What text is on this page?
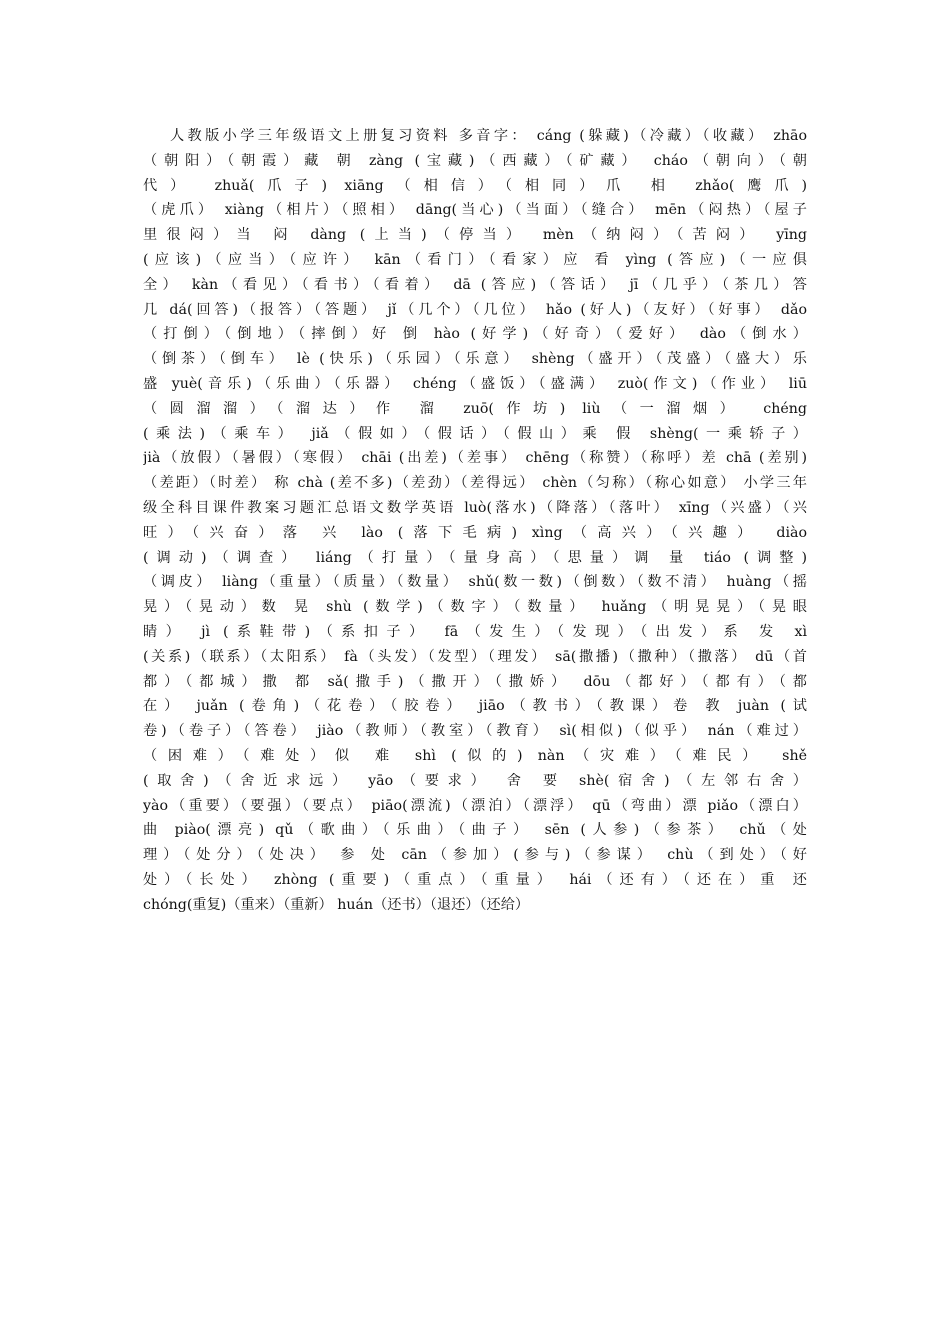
人教版小学三年级语文上册复习资料 多音字： cáng (躲藏)（冷藏）（收藏） zhāo
（朝阳）（朝霞）藏 朝 zàng (宝藏)（西藏）（矿藏） cháo（朝向）（朝
代） zhuǎ(爪子) xiāng（相信）（相同）爪 相 zhǎo(鹰爪)
（虎爪） xiàng（相片）（照相） dāng(当心)（当面）（缝合） mēn（闷热）（屋子
里很闷）当 闷 dàng (上当)（停当） mèn（纳闷）（苦闷） yīng
(应该)（应当）（应许） kān（看门）（看家）应 看 yìng (答应)（一应俱
全） kàn（看见）（看书）（看着） dā (答应)（答话） jī（几乎）（茶几）答
几 dá(回答)（报答）（答题） jǐ（几个）（几位） hǎo (好人)（友好）（好事） dǎo
（打倒）（倒地）（摔倒）好 倒 hào (好学)（好奇）（爱好） dào（倒水）
（倒茶）（倒车） lè (快乐)（乐园）（乐意） shèng（盛开）（茂盛）（盛大）乐
盛 yuè(音乐)（乐曲）（乐器） chéng（盛饭）（盛满） zuò(作文)（作业） liū
（圆溜溜）（溜达）作 溜 zuō(作坊) liù（一溜烟） chéng
(乘法)（乘车） jiǎ（假如）（假话）（假山）乘 假 shèng(一乘轿子）
jià（放假）（暑假）（寒假） chāi (出差)（差事） chēng（称赞）（称呼）差 chā (差别)
（差距）（时差） 称 chà (差不多)（差劲）（差得远） chèn（匀称）（称心如意） 小学三年
级全科目课件教案习题汇总语文数学英语 luò(落水)（降落）（落叶） xīng（兴盛）（兴
旺）（兴奋）落 兴 lào (落下毛病) xìng（高兴）（兴趣） diào
(调动)（调查） liáng（打量）（量身高）（思量）调 量 tiáo (调整)
（调皮） liàng（重量）（质量）（数量） shǔ(数一数)（倒数）（数不清） huàng（摇
晃）（晃动）数 晃 shù (数学)（数字）（数量） huǎng（明晃晃）（晃眼
睛） jì (系鞋带)（系扣子） fā（发生）（发现）（出发）系 发 xì
(关系)（联系）（太阳系） fà（头发）（发型）（理发） sā(撒播)（撒种）（撒落） dū（首
都）（都城）撒 都 sǎ(撒手)（撒开）（撒娇） dōu（都好）（都有）（都
在） juǎn (卷角)（花卷）（胶卷） jiāo（教书）（教课）卷 教 juàn (试
卷)（卷子）（答卷） jiào（教师）（教室）（教育） sì(相似)（似乎） nán（难过）
（困难）（难处）似 难 shì (似的) nàn（灾难）（难民） shě
(取舍)（舍近求远） yāo（要求） 舍 要 shè(宿舍)（左邻右舍）
yào（重要）（要强）（要点） piāo(漂流)（漂泊）（漂浮） qū（弯曲）漂 piǎo（漂白）
曲 piào(漂亮) qǔ（歌曲）（乐曲）（曲子） sēn (人参)（参茶） chǔ（处
理）（处分）（处决） 参 处 cān（参加）(参与)（参谋） chù（到处）（好
处）（长处） zhòng (重要)（重点）（重量） hái（还有）（还在）重 还
chóng(重复)（重来）（重新） huán（还书）（退还）（还给）
